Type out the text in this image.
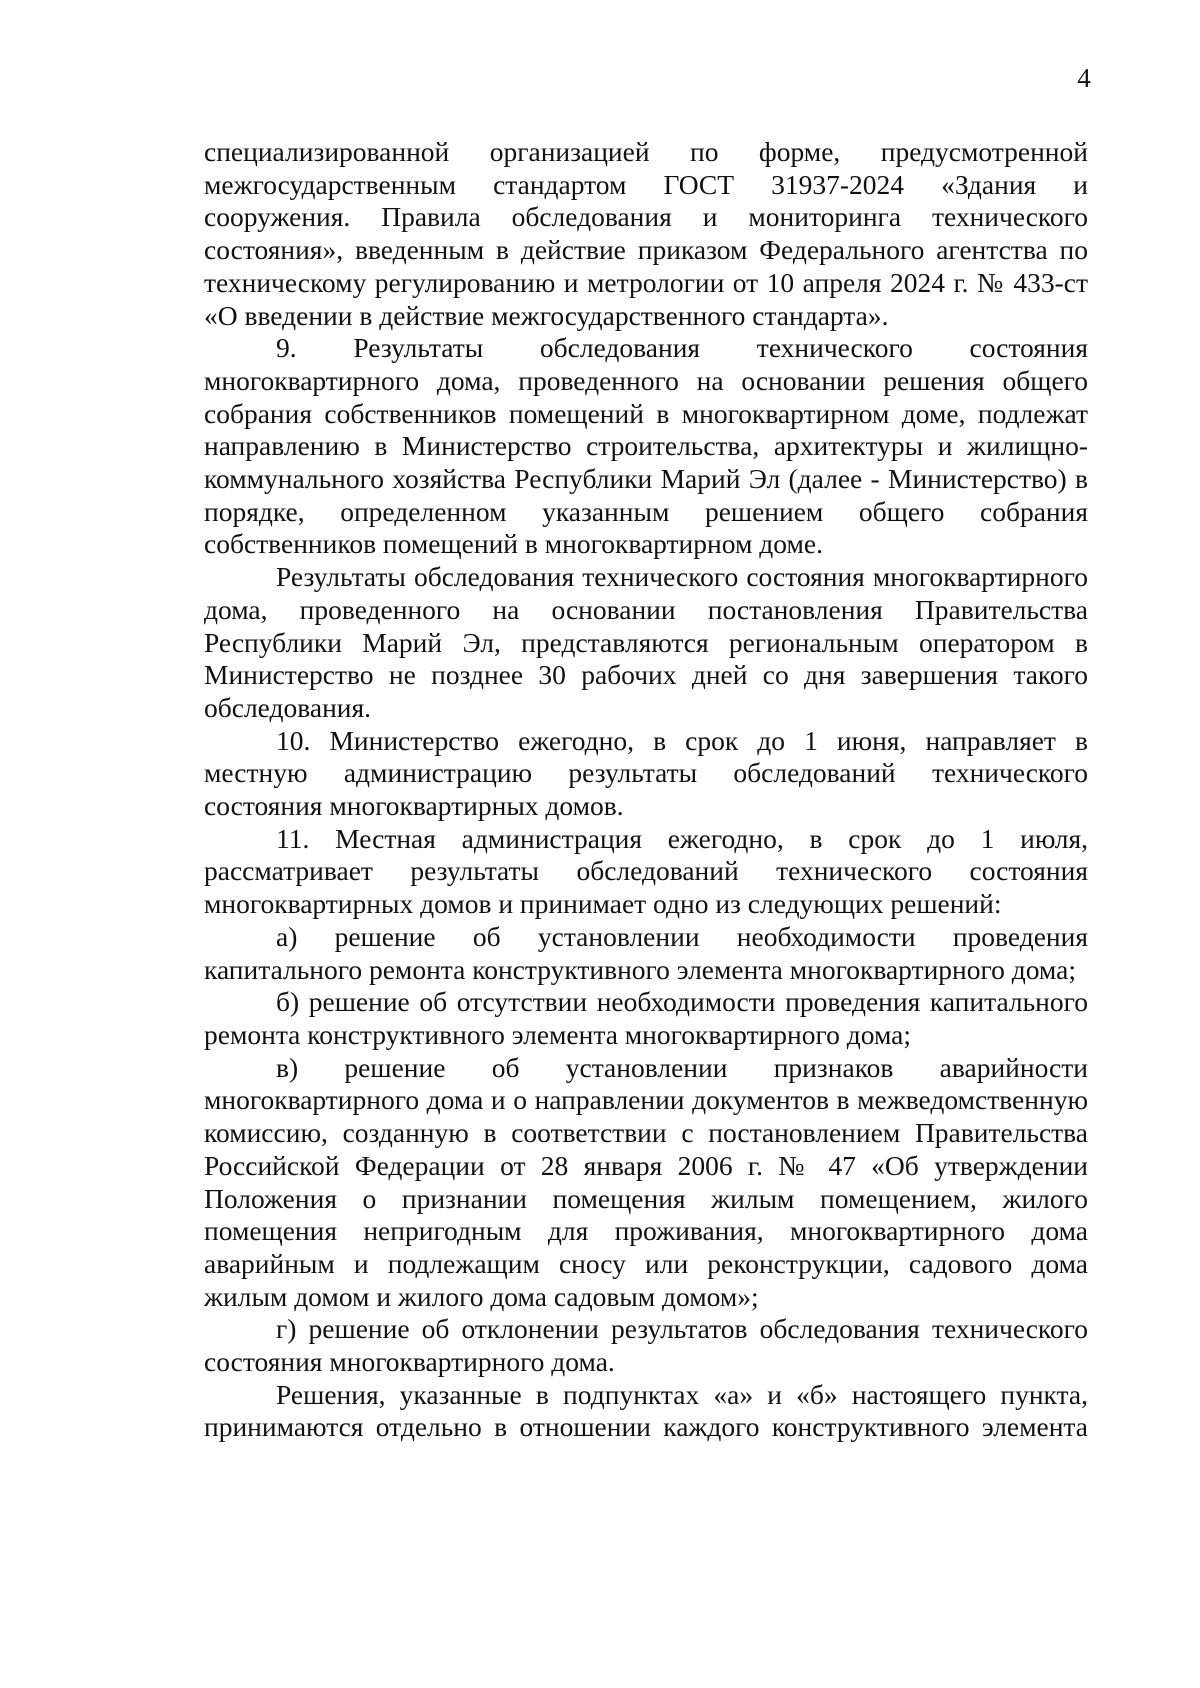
4

специализированной организацией по форме, предусмотренной межгосударственным стандартом ГОСТ 31937-2024 «Здания и сооружения. Правила обследования и мониторинга технического состояния», введенным в действие приказом Федерального агентства по техническому регулированию и метрологии от 10 апреля 2024 г. № 433-ст «О введении в действие межгосударственного стандарта».

9. Результаты обследования технического состояния многоквартирного дома, проведенного на основании решения общего собрания собственников помещений в многоквартирном доме, подлежат направлению в Министерство строительства, архитектуры и жилищно-коммунального хозяйства Республики Марий Эл (далее - Министерство) в порядке, определенном указанным решением общего собрания собственников помещений в многоквартирном доме.

Результаты обследования технического состояния многоквартирного дома, проведенного на основании постановления Правительства Республики Марий Эл, представляются региональным оператором в Министерство не позднее 30 рабочих дней со дня завершения такого обследования.

10. Министерство ежегодно, в срок до 1 июня, направляет в местную администрацию результаты обследований технического состояния многоквартирных домов.

11. Местная администрация ежегодно, в срок до 1 июля, рассматривает результаты обследований технического состояния многоквартирных домов и принимает одно из следующих решений:

а) решение об установлении необходимости проведения капитального ремонта конструктивного элемента многоквартирного дома;

б) решение об отсутствии необходимости проведения капитального ремонта конструктивного элемента многоквартирного дома;

в) решение об установлении признаков аварийности многоквартирного дома и о направлении документов в межведомственную комиссию, созданную в соответствии с постановлением Правительства Российской Федерации от 28 января 2006 г. № 47 «Об утверждении Положения о признании помещения жилым помещением, жилого помещения непригодным для проживания, многоквартирного дома аварийным и подлежащим сносу или реконструкции, садового дома жилым домом и жилого дома садовым домом»;

г) решение об отклонении результатов обследования технического состояния многоквартирного дома.

Решения, указанные в подпунктах «а» и «б» настоящего пункта, принимаются отдельно в отношении каждого конструктивного элемента
